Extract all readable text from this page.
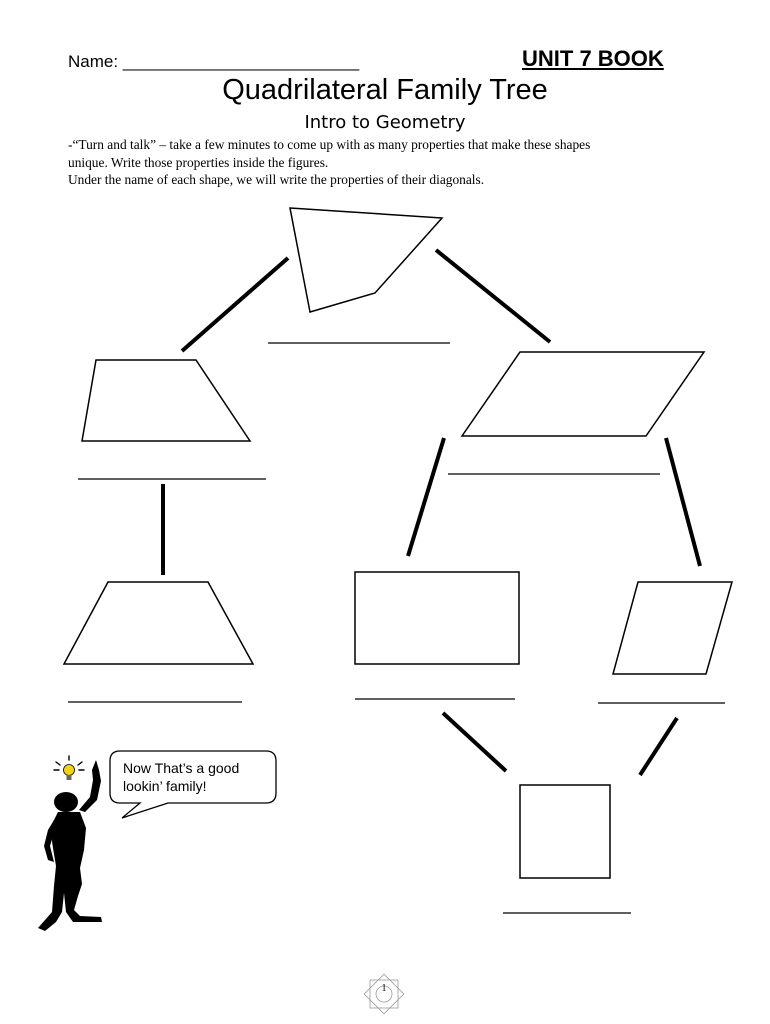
Name: _________________________	UNIT 7 BOOK
Quadrilateral Family Tree
Intro to Geometry

-“Turn and talk” – take a few minutes to come up with as many properties that make these shapes

unique. Write those properties inside the figures.

Under the name of each shape, we will write the properties of their diagonals.

Now That’s a good
lookin’ family!
1
